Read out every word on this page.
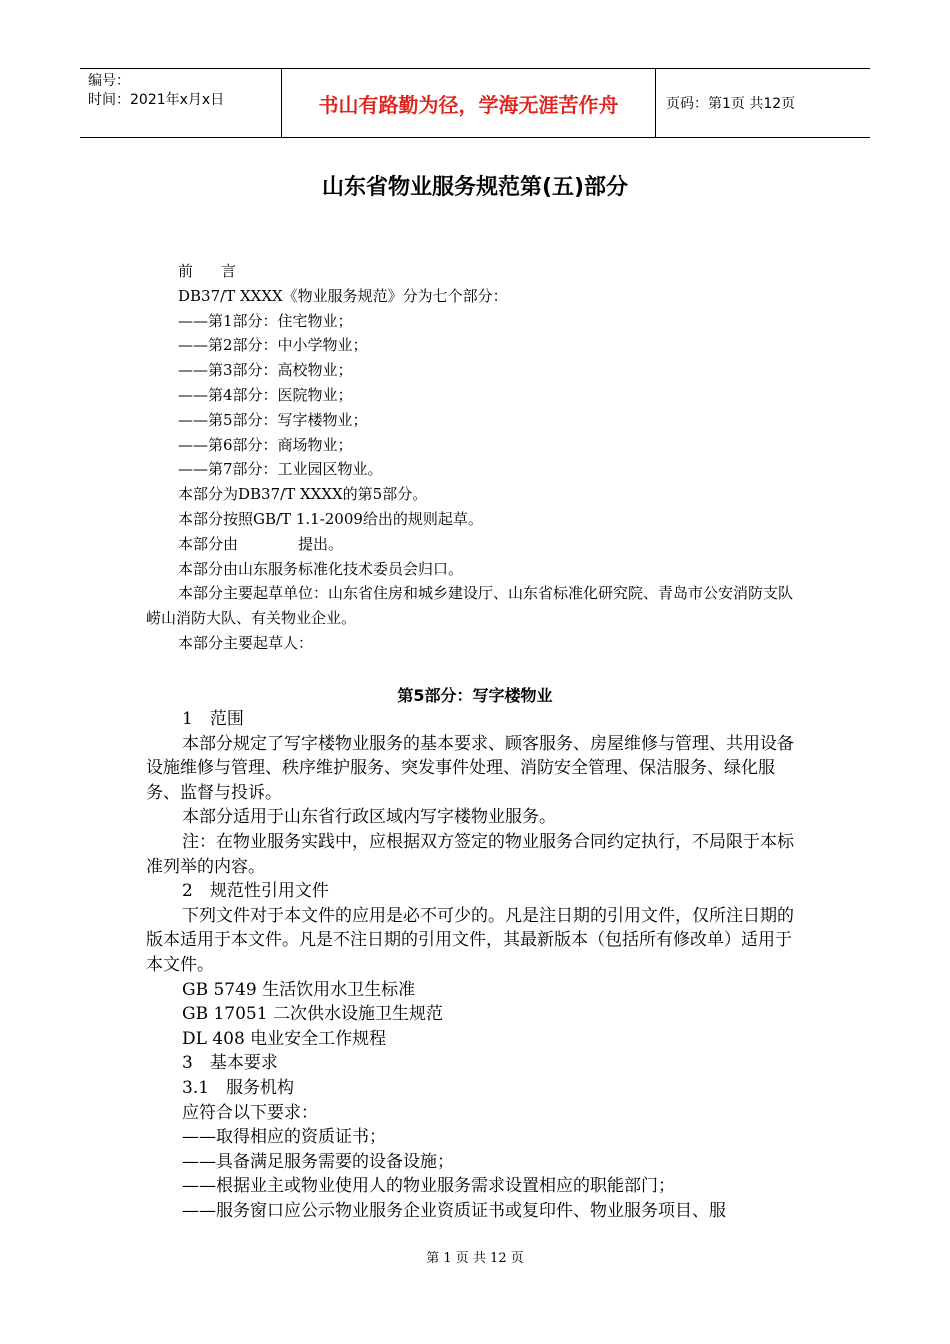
编号：
时间：2021年x月x日	书山有路勤为径，学海无涯苦作舟	页码：第1页 共12页
山东省物业服务规范第(五)部分

前言

DB37/T XXXX《物业服务规范》分为七个部分：

——第1部分：住宅物业；

——第2部分：中小学物业；

——第3部分：高校物业；

——第4部分：医院物业；

——第5部分：写字楼物业；

——第6部分：商场物业；

——第7部分：工业园区物业。

本部分为DB37/T XXXX的第5部分。

本部分按照GB/T 1.1-2009给出的规则起草。

本部分由　　　　提出。

本部分由山东服务标准化技术委员会归口。

本部分主要起草单位：山东省住房和城乡建设厅、山东省标准化研究院、青岛市公安消防支队崂山消防大队、有关物业企业。

本部分主要起草人：

第5部分：写字楼物业

1　范围

本部分规定了写字楼物业服务的基本要求、顾客服务、房屋维修与管理、共用设备设施维修与管理、秩序维护服务、突发事件处理、消防安全管理、保洁服务、绿化服务、监督与投诉。

本部分适用于山东省行政区域内写字楼物业服务。

注：在物业服务实践中，应根据双方签定的物业服务合同约定执行，不局限于本标准列举的内容。

2　规范性引用文件

下列文件对于本文件的应用是必不可少的。凡是注日期的引用文件，仅所注日期的版本适用于本文件。凡是不注日期的引用文件，其最新版本（包括所有修改单）适用于本文件。

GB 5749 生活饮用水卫生标准

GB 17051 二次供水设施卫生规范

DL 408 电业安全工作规程

3　基本要求

3.1　服务机构

应符合以下要求：

——取得相应的资质证书；

——具备满足服务需要的设备设施；

——根据业主或物业使用人的物业服务需求设置相应的职能部门；

——服务窗口应公示物业服务企业资质证书或复印件、物业服务项目、服

第 1 页 共 12 页
